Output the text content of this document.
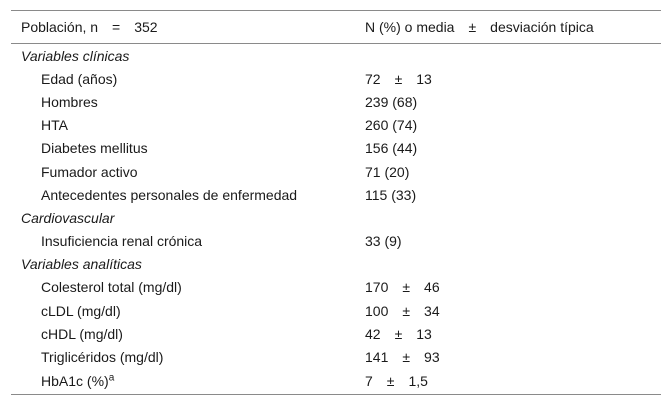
Población, n  =  352	N (%) o media  ±  desviación típica
Variables clínicas	
Edad (años)	72  ±  13
Hombres	239 (68)
HTA	260 (74)
Diabetes mellitus	156 (44)
Fumador activo	71 (20)
Antecedentes personales de enfermedad	115 (33)
Cardiovascular	
Insuficiencia renal crónica	33 (9)
Variables analíticas	
Colesterol total (mg/dl)	170  ±  46
cLDL (mg/dl)	100  ±  34
cHDL (mg/dl)	42  ±  13
Triglicéridos (mg/dl)	141  ±  93
HbA1c (%)$^a$	7  ±  1,5
